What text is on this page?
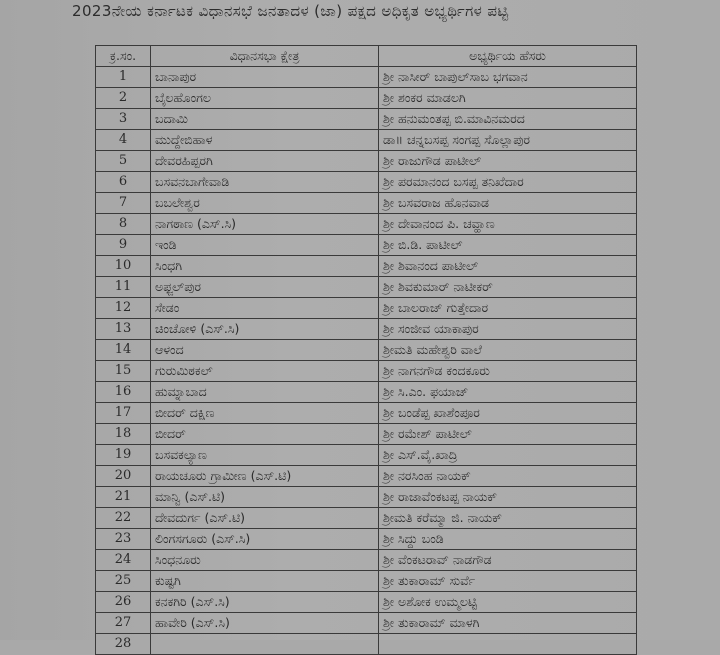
2023ನೇಯ ಕರ್ನಾಟಕ ವಿಧಾನಸಭೆ ಜನತಾದಳ (ಜಾ) ಪಕ್ಷದ ಅಧಿಕೃತ ಅಭ್ಯರ್ಥಿಗಳ ಪಟ್ಟಿ
ಕ್ರ.ಸಂ.	ವಿಧಾನಸಭಾ ಕ್ಷೇತ್ರ	ಅಭ್ಯರ್ಥಿಯ ಹೆಸರು
1	ಬಾನಾಪುರ	ಶ್ರೀ ನಾಸೀರ್ ಬಾಪುಲ್‌ಸಾಬ ಭಗವಾನ
2	ಬೈಲಹೊಂಗಲ	ಶ್ರೀ ಶಂಕರ ಮಾಡಲಗಿ
3	ಬದಾಮಿ	ಶ್ರೀ ಹನುಮಂತಪ್ಪ ಬಿ.ಮಾವಿನಮರದ
4	ಮುದ್ದೇಬಿಹಾಳ	ಡಾ॥ ಚನ್ನಬಸಪ್ಪ ಸಂಗಪ್ಪ ಸೊಲ್ಲಾಪುರ
5	ದೇವರಹಿಪ್ಪರಗಿ	ಶ್ರೀ ರಾಜುಗೌಡ ಪಾಟೀಲ್
6	ಬಸವನಬಾಗೇವಾಡಿ	ಶ್ರೀ ಪರಮಾನಂದ ಬಸಪ್ಪ ತನಿಖೆದಾರ
7	ಬಬಲೇಶ್ವರ	ಶ್ರೀ ಬಸವರಾಜ ಹೊನವಾಡ
8	ನಾಗಠಾಣ (ಎಸ್.ಸಿ)	ಶ್ರೀ ದೇವಾನಂದ ಪಿ. ಚವ್ಹಾಣ
9	ಇಂಡಿ	ಶ್ರೀ ಬಿ.ಡಿ. ಪಾಟೀಲ್
10	ಸಿಂಧಗಿ	ಶ್ರೀ ಶಿವಾನಂದ ಪಾಟೀಲ್
11	ಅಫ್ಜಲ್‌ಪುರ	ಶ್ರೀ ಶಿವಕುಮಾರ್ ನಾಟೀಕರ್
12	ಸೇಡಂ	ಶ್ರೀ ಬಾಲರಾಜ್ ಗುತ್ತೇದಾರ
13	ಚಿಂಚೋಳಿ (ಎಸ್.ಸಿ)	ಶ್ರೀ ಸಂಜೀವ ಯಾಕಾಪುರ
14	ಆಳಂದ	ಶ್ರೀಮತಿ ಮಹೇಶ್ವರಿ ವಾಲೆ
15	ಗುರುಮಿಠಕಲ್	ಶ್ರೀ ನಾಗನಗೌಡ ಕಂದಕೂರು
16	ಹುಮ್ನಾಬಾದ	ಶ್ರೀ ಸಿ.ಎಂ. ಫಯಾಜ್
17	ಬೀದರ್ ದಕ್ಷಿಣ	ಶ್ರೀ ಬಂಡೆಪ್ಪ ಖಾಶೆಂಪೂರ
18	ಬೀದರ್	ಶ್ರೀ ರಮೇಶ್ ಪಾಟೀಲ್
19	ಬಸವಕಲ್ಯಾಣ	ಶ್ರೀ ಎಸ್.ವೈ.ಖಾದ್ರಿ
20	ರಾಯಚೂರು ಗ್ರಾಮೀಣ (ಎಸ್.ಟಿ)	ಶ್ರೀ ನರಸಿಂಹ ನಾಯಕ್
21	ಮಾನ್ವಿ (ಎಸ್.ಟಿ)	ಶ್ರೀ ರಾಜಾವೆಂಕಟಪ್ಪ ನಾಯಕ್
22	ದೇವದುರ್ಗ (ಎಸ್.ಟಿ)	ಶ್ರೀಮತಿ ಕರೆಮ್ಮಾ ಜಿ. ನಾಯಕ್
23	ಲಿಂಗಸಗೂರು (ಎಸ್.ಸಿ)	ಶ್ರೀ ಸಿದ್ದು ಬಂಡಿ
24	ಸಿಂಧನೂರು	ಶ್ರೀ ವೆಂಕಟರಾವ್ ನಾಡಗೌಡ
25	ಕುಷ್ಟಗಿ	ಶ್ರೀ ತುಕಾರಾಮ್ ಸುರ್ವೆ
26	ಕನಕಗಿರಿ (ಎಸ್.ಸಿ)	ಶ್ರೀ ಅಶೋಕ ಉಮ್ಮಲಟ್ಟಿ
27	ಹಾವೇರಿ (ಎಸ್.ಸಿ)	ಶ್ರೀ ತುಕಾರಾಮ್ ಮಾಳಗಿ
28		
